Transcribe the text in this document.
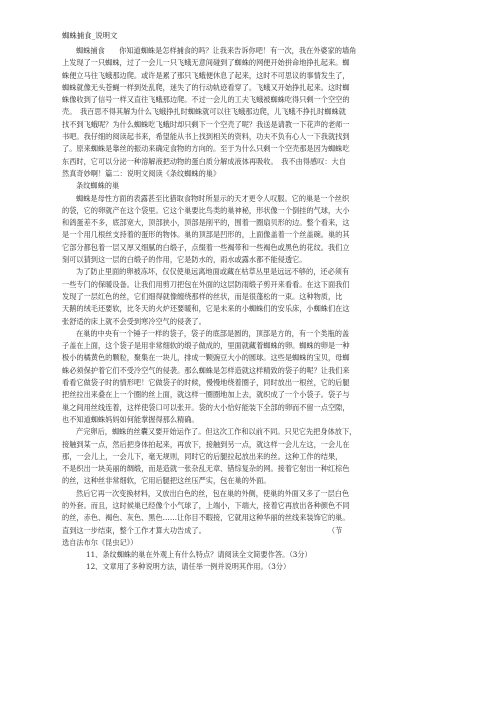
蜘蛛捕食_说明文
蜘蛛捕食　　你知道蜘蛛是怎样捕食的吗？让我来告诉你吧！有一次，我在外婆家的墙角
上发现了一只蜘蛛，过了一会儿一只飞蛾无意间碰到了蜘蛛的网便开始拼命地挣扎起来。蜘
蛛便立马往飞蛾那边爬。或许是累了那只飞蛾便休息了起来，这时不可思议的事情发生了，
蜘蛛就像无头苍蝇一样到处乱爬，迷失了的行动轨迹看穿了。飞蛾又开始挣扎起来。这时蜘
蛛像收到了信号一样又直往飞蛾那边爬。不过一会儿的工夫飞蛾被蜘蛛吃得只剩一个空空的
壳。　我百思不得其解为什么飞蛾挣扎时蜘蛛就可以往飞蛾那边爬，儿飞蛾不挣扎时蜘蛛就
找不到飞蛾呢？为什么蜘蛛吃飞蛾时却只剩下一个空壳了呢？我送是请教一下花声的老师一
书吧。我仔细的阅读起书来，希望能从书上找到相关的资料，功夫不负有心人一下我就找到
了。原来蜘蛛是靠丝的振动来确定食物的方向的。至于为什么只剩一个空壳那是因为蜘蛛吃
东西时，它可以分泌一种溶解液把动物的蛋白质分解成液体再吸收。　我不由得感叹：大自
然真奇妙啊！篇二：说明文阅读《条纹蜘蛛的巢》
条纹蜘蛛的巢
蜘蛛是母性方面的表露甚至比猎取食物时所显示的天才更令人叹服。它的巢是一个丝织
的袋，它的卵就产在这个袋里。它这个巢要比鸟类的巢神秘，形状像一个倒挂的气球，大小
和鸽蛋差不多，底部宽大，顶部狭小，顶部是削平的，围着一圈扇贝形的边。整个看来，这
是一个用几根丝支持着的蛋形的物体。巢的顶部是凹形的，上面像盖着一个丝盖碗。巢的其
它部分都包着一层又厚又细腻的白缎子，点缀着一些褐带和一些褐色或黑色的花纹。我们立
刻可以猜到这一层的白缎子的作用，它是防水的，雨水或露水都不能侵透它。
为了防止里面的卵被冻坏，仅仅使巢远离地面或藏在枯草丛里是远远不够的，还必须有
一些专门的保暖设备。让我们用剪刀把包在外面的这层防雨缎子剪开来看看。在这下面我们
发现了一层红色的丝，它们细得就像缠绕那样的丝状，而是很蓬松的一束。这种物质，比
天鹅的绒毛还要软，比冬天的火炉还要暖和，它是未来的小蜘蛛们的安乐床，小蜘蛛们在这
张舒适的床上就不会受到寒冷空气的侵袭了。
在巢的中央有一个锤子一样的袋子，袋子的底部是圆的，顶部是方的，有一个类瓶的盖
子盖在上面，这个袋子是用非常细软的缎子做成的，里面就藏着蜘蛛的卵。蜘蛛的卵是一种
极小的橘黄色的颗粒，聚集在一块儿，排成一颗豌豆大小的圆球。这些是蜘蛛的宝贝，母蜘
蛛必须保护着它们不受冷空气的侵袭。那么蜘蛛是怎样造就这样精致的袋子的呢？让我们来
看看它做袋子时的情形吧！它做袋子的时候，慢慢地绕着圈子，同时放出一根丝，它的后腿
把丝拉出来叠在上一个圈的丝上面，就这样一圈圈地加上去，就织成了一个小袋子。袋子与
巢之间用丝线连着，这样使袋口可以张开。袋的大小恰好能装下全部的卵而不留一点空隙，
也不知道蜘蛛妈妈如何能掌握得那么精确。
产完卵后，蜘蛛的丝囊又要开始运作了。但这次工作和以前不同。只见它先把身体放下，
接触到某一点，然后把身体拍起来，再放下，接触到另一点，就这样一会儿左这，一会儿在
那，一会儿上，一会儿下，毫无规则，同时它的后腿拉起放出来的丝。这种工作的结果，
不是织出一块美丽的绸缎，而是造就一张杂乱无章、错综复杂的网。接着它射出一种红棕色
的丝，这种丝非常细软，它用后腿把这丝压严实，包在巢的外面。
然后它再一次变换材料，又放出白色的丝，包在巢的外侧，使巢的外面又多了一层白色
的外套。而且，这时候巢已经像个小气球了，上端小，下端大，接着它再放出各种颜色不同
的丝，赤色、褐色、灰色、黑色……让你目不暇接，它就用这种华丽的丝线来装饰它的巢。
直到这一步结束，整个工作才算大功告成了。　　　　　　　　　　　　　　　　　　（节
选自法布尔《昆虫记》）
11、条纹蜘蛛的巢在外观上有什么特点？请阅读全文简要作答。（3分）
12、文章用了多种说明方法，请任举一例并说明其作用。（3分）
